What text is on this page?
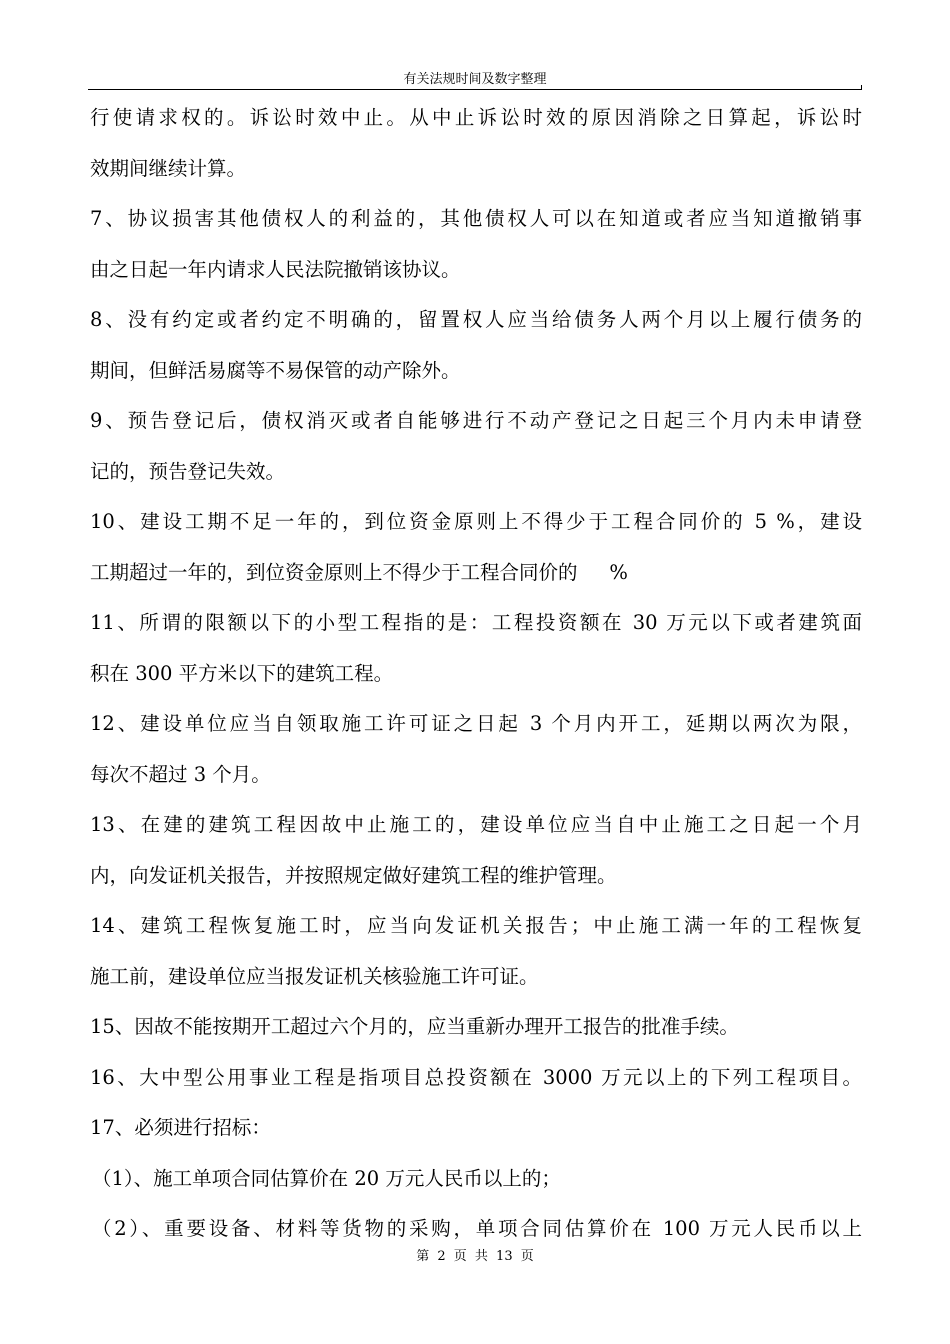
有关法规时间及数字整理
行使请求权的。诉讼时效中止。从中止诉讼时效的原因消除之日算起，诉讼时
效期间继续计算。
7、协议损害其他债权人的利益的，其他债权人可以在知道或者应当知道撤销事
由之日起一年内请求人民法院撤销该协议。
8、没有约定或者约定不明确的，留置权人应当给债务人两个月以上履行债务的
期间，但鲜活易腐等不易保管的动产除外。
9、预告登记后，债权消灭或者自能够进行不动产登记之日起三个月内未申请登
记的，预告登记失效。
10、建设工期不足一年的，到位资金原则上不得少于工程合同价的 5 %，建设
工期超过一年的，到位资金原则上不得少于工程合同价的 　 %
11、所谓的限额以下的小型工程指的是：工程投资额在 30 万元以下或者建筑面
积在 300 平方米以下的建筑工程。
12、建设单位应当自领取施工许可证之日起 3 个月内开工，延期以两次为限，
每次不超过 3 个月。
13、在建的建筑工程因故中止施工的，建设单位应当自中止施工之日起一个月
内，向发证机关报告，并按照规定做好建筑工程的维护管理。
14、建筑工程恢复施工时，应当向发证机关报告；中止施工满一年的工程恢复
施工前，建设单位应当报发证机关核验施工许可证。
15、因故不能按期开工超过六个月的，应当重新办理开工报告的批准手续。
16、大中型公用事业工程是指项目总投资额在 3000 万元以上的下列工程项目。
17、必须进行招标：
（1）、施工单项合同估算价在 20 万元人民币以上的；
（2）、重要设备、材料等货物的采购，单项合同估算价在 100 万元人民币以上
第 2 页 共 13 页
